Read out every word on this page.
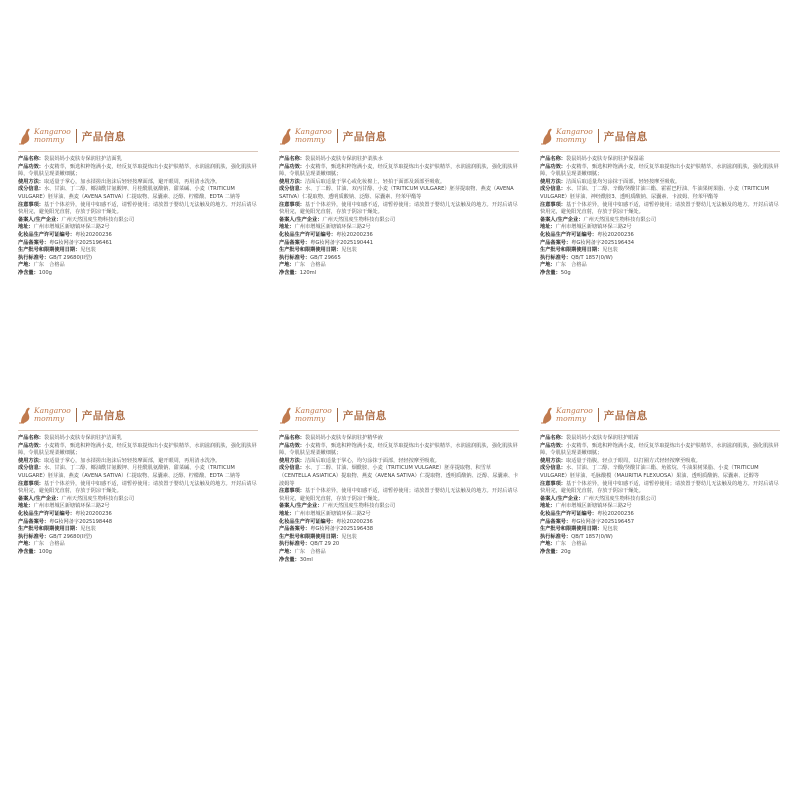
Kangaroo
mommy	产品信息

产品名称：袋鼠妈妈小麦肤专保润驻护洁面乳

产品功效：小麦精萃，甄选积粹饱满小麦，经反复萃取提炼出小麦护肤精萃，水润滋润肌肤，强化肌肤屏障，令肌肤呈现柔嫩细腻；

使用方法：取适量于掌心，加水揉搓出泡沫后轻轻按摩面部，避开眼周，再用清水洗净。

成分信息：水、甘油、丁二醇、椰油酰甘氨酸钾、月桂酰肌氨酸钠、甜菜碱、小麦（TRITICUM VULGARE）胚芽油、燕麦（AVENA SATIVA）仁提取物、尿囊素、泛醇、柠檬酸、EDTA 二钠等

注意事项：基于个体差异，使用中如感不适，请暂停使用；请放置于婴幼儿无法触及的地方。开封后请尽快用完，避免阳光直射，存放于阴凉干燥处。

备案人/生产企业：广州天然国度生物科技有限公司

地址：广州市增城区新塘镇环保三路2号

化妆品生产许可证编号：粤妆20200236

产品备案号：粤G妆网备字2025196461

生产批号和限期使用日期：见包装

执行标准号：GB/T 29680(II型)

产地：广东　合格品

净含量：100g

Kangaroo
mommy	产品信息

产品名称：袋鼠妈妈小麦肤专保润驻护柔肤水

产品功效：小麦精萃，甄选积粹饱满小麦，经反复萃取提炼出小麦护肤精萃，水润滋润肌肤，强化肌肤屏障，令肌肤呈现柔嫩细腻；

使用方法：洁面后取适量于掌心或化妆棉上，轻拍于面部及颈部至吸收。

成分信息：水、丁二醇、甘油、双丙甘醇、小麦（TRITICUM VULGARE）胚芽提取物、燕麦（AVENA SATIVA）仁提取物、透明质酸钠、泛醇、尿囊素、羟苯甲酯等

注意事项：基于个体差异，使用中如感不适，请暂停使用；请放置于婴幼儿无法触及的地方。开封后请尽快用完，避免阳光直射，存放于阴凉干燥处。

备案人/生产企业：广州天然国度生物科技有限公司

地址：广州市增城区新塘镇环保三路2号

化妆品生产许可证编号：粤妆20200236

产品备案号：粤G妆网备字2025190441

生产批号和限期使用日期：见包装

执行标准号：GB/T 29665

产地：广东　合格品

净含量：120ml

Kangaroo
mommy	产品信息

产品名称：袋鼠妈妈小麦肤专保润驻护保湿霜

产品功效：小麦精萃，甄选积粹饱满小麦，经反复萃取提炼出小麦护肤精萃，水润滋润肌肤，强化肌肤屏障，令肌肤呈现柔嫩细腻；

使用方法：洁面后取适量均匀涂抹于面部，轻轻按摩至吸收。

成分信息：水、甘油、丁二醇、辛酸/癸酸甘油三酯、霍霍巴籽油、牛油果树果脂、小麦（TRITICUM VULGARE）胚芽油、神经酰胺3、透明质酸钠、尿囊素、卡波姆、羟苯甲酯等

注意事项：基于个体差异，使用中如感不适，请暂停使用；请放置于婴幼儿无法触及的地方。开封后请尽快用完，避免阳光直射，存放于阴凉干燥处。

备案人/生产企业：广州天然国度生物科技有限公司

地址：广州市增城区新塘镇环保三路2号

化妆品生产许可证编号：粤妆20200236

产品备案号：粤G妆网备字2025196434

生产批号和限期使用日期：见包装

执行标准号：QB/T 1857(0/W)

产地：广东　合格品

净含量：50g

Kangaroo
mommy	产品信息

产品名称：袋鼠妈妈小麦肤专保润驻护洁面乳

产品功效：小麦精萃，甄选积粹饱满小麦，经反复萃取提炼出小麦护肤精萃，水润滋润肌肤，强化肌肤屏障，令肌肤呈现柔嫩细腻；

使用方法：取适量于掌心，加水揉搓出泡沫后轻轻按摩面部，避开眼周，再用清水洗净。

成分信息：水、甘油、丁二醇、椰油酰甘氨酸钾、月桂酰肌氨酸钠、甜菜碱、小麦（TRITICUM VULGARE）胚芽油、燕麦（AVENA SATIVA）仁提取物、尿囊素、泛醇、柠檬酸、EDTA 二钠等

注意事项：基于个体差异，使用中如感不适，请暂停使用；请放置于婴幼儿无法触及的地方。开封后请尽快用完，避免阳光直射，存放于阴凉干燥处。

备案人/生产企业：广州天然国度生物科技有限公司

地址：广州市增城区新塘镇环保三路2号

化妆品生产许可证编号：粤妆20200236

产品备案号：粤G妆网备字2025198448

生产批号和限期使用日期：见包装

执行标准号：GB/T 29680(II型)

产地：广东　合格品

净含量：100g

Kangaroo
mommy	产品信息

产品名称：袋鼠妈妈小麦肤专保润驻护精华液

产品功效：小麦精萃，甄选积粹饱满小麦，经反复萃取提炼出小麦护肤精萃，水润滋润肌肤，强化肌肤屏障，令肌肤呈现柔嫩细腻；

使用方法：洁面后取适量于掌心，均匀涂抹于面部，轻轻按摩至吸收。

成分信息：水、丁二醇、甘油、烟酰胺、小麦（TRITICUM VULGARE）胚芽提取物、积雪草（CENTELLA ASIATICA）提取物、燕麦（AVENA SATIVA）仁提取物、透明质酸钠、泛醇、尿囊素、卡波姆等

注意事项：基于个体差异，使用中如感不适，请暂停使用；请放置于婴幼儿无法触及的地方。开封后请尽快用完，避免阳光直射，存放于阴凉干燥处。

备案人/生产企业：广州天然国度生物科技有限公司

地址：广州市增城区新塘镇环保三路2号

化妆品生产许可证编号：粤妆20200236

产品备案号：粤G妆网备字2025196438

生产批号和限期使用日期：见包装

执行标准号：QB/T 29 20

产地：广东　合格品

净含量：30ml

Kangaroo
mommy	产品信息

产品名称：袋鼠妈妈小麦肤专保润驻护眼霜

产品功效：小麦精萃，甄选积粹饱满小麦，经反复萃取提炼出小麦护肤精萃，水润滋润肌肤，强化肌肤屏障，令肌肤呈现柔嫩细腻；

使用方法：取适量于指腹，轻点于眼周，以打圈方式轻轻按摩至吸收。

成分信息：水、甘油、丁二醇、辛酸/癸酸甘油三酯、角鲨烷、牛油果树果脂、小麦（TRITICUM VULGARE）胚芽油、毛脉酸模（MAURITIA FLEXUOSA）果油、透明质酸钠、尿囊素、泛醇等

注意事项：基于个体差异，使用中如感不适，请暂停使用；请放置于婴幼儿无法触及的地方。开封后请尽快用完，避免阳光直射，存放于阴凉干燥处。

备案人/生产企业：广州天然国度生物科技有限公司

地址：广州市增城区新塘镇环保三路2号

化妆品生产许可证编号：粤妆20200236

产品备案号：粤G妆网备字2025196457

生产批号和限期使用日期：见包装

执行标准号：QB/T 1857(0/W)

产地：广东　合格品

净含量：20g
